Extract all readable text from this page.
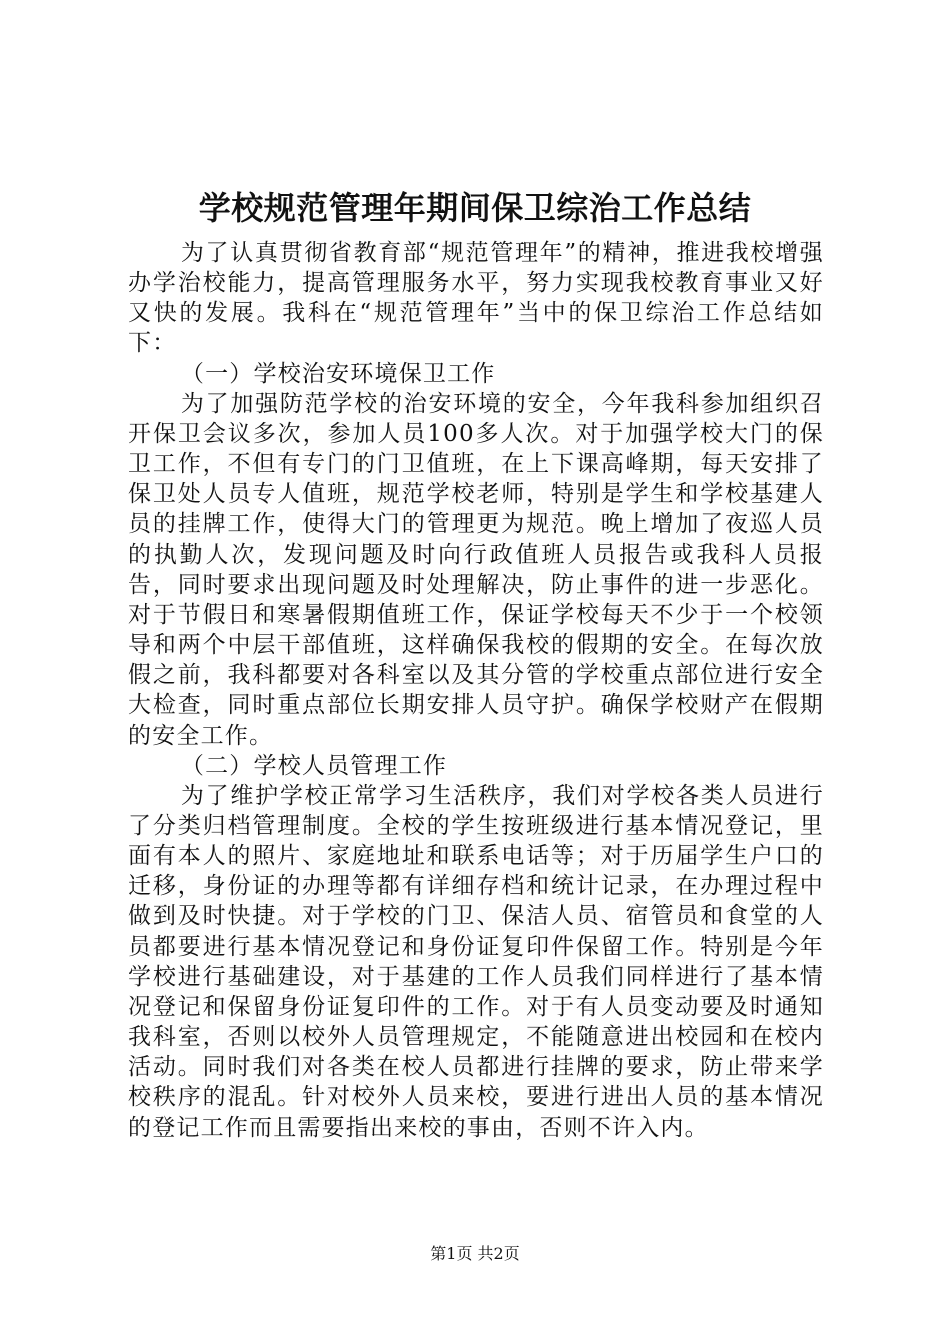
学校规范管理年期间保卫综治工作总结

为了认真贯彻省教育部“规范管理年”的精神，推进我校增强办学治校能力，提高管理服务水平，努力实现我校教育事业又好又快的发展。我科在“规范管理年”当中的保卫综治工作总结如下：

（一）学校治安环境保卫工作

为了加强防范学校的治安环境的安全，今年我科参加组织召开保卫会议多次，参加人员100多人次。对于加强学校大门的保卫工作，不但有专门的门卫值班，在上下课高峰期，每天安排了保卫处人员专人值班，规范学校老师，特别是学生和学校基建人员的挂牌工作，使得大门的管理更为规范。晚上增加了夜巡人员的执勤人次，发现问题及时向行政值班人员报告或我科人员报告，同时要求出现问题及时处理解决，防止事件的进一步恶化。对于节假日和寒暑假期值班工作，保证学校每天不少于一个校领导和两个中层干部值班，这样确保我校的假期的安全。在每次放假之前，我科都要对各科室以及其分管的学校重点部位进行安全大检查，同时重点部位长期安排人员守护。确保学校财产在假期的安全工作。

（二）学校人员管理工作

为了维护学校正常学习生活秩序，我们对学校各类人员进行了分类归档管理制度。全校的学生按班级进行基本情况登记，里面有本人的照片、家庭地址和联系电话等；对于历届学生户口的迁移，身份证的办理等都有详细存档和统计记录，在办理过程中做到及时快捷。对于学校的门卫、保洁人员、宿管员和食堂的人员都要进行基本情况登记和身份证复印件保留工作。特别是今年学校进行基础建设，对于基建的工作人员我们同样进行了基本情况登记和保留身份证复印件的工作。对于有人员变动要及时通知我科室，否则以校外人员管理规定，不能随意进出校园和在校内活动。同时我们对各类在校人员都进行挂牌的要求，防止带来学校秩序的混乱。针对校外人员来校，要进行进出人员的基本情况的登记工作而且需要指出来校的事由，否则不许入内。

第1页 共2页
